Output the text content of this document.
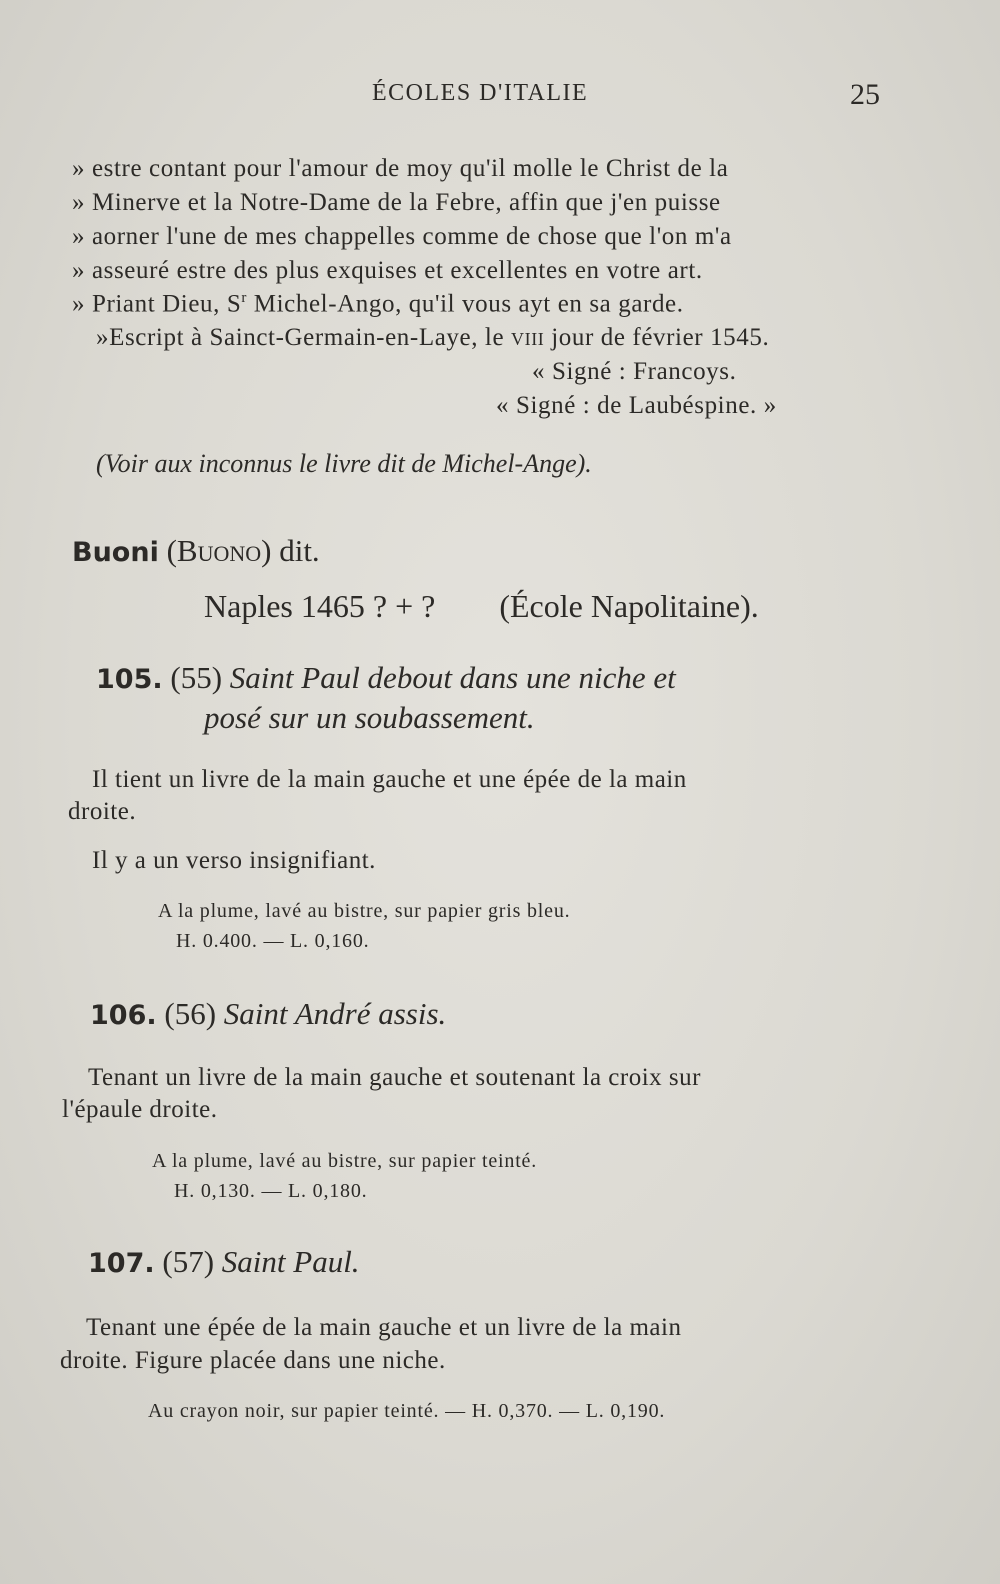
ÉCOLES D'ITALIE	25
» estre contant pour l'amour de moy qu'il molle le Christ de la
» Minerve et la Notre-Dame de la Febre, affin que j'en puisse
» aorner l'une de mes chappelles comme de chose que l'on m'a
» asseuré estre des plus exquises et excellentes en votre art.
» Priant Dieu, $S^r$ Michel-Ango, qu'il vous ayt en sa garde.
»Escript à Sainct-Germain-en-Laye, le viii jour de février 1545.
« Signé : Francoys.
« Signé : de Laubéspine. »
(Voir aux inconnus le livre dit de Michel-Ange).
Buoni (Buono) dit.
Naples 1465 ? + ? (École Napolitaine).
105. (55) Saint Paul debout dans une niche et
posé sur un soubassement.
Il tient un livre de la main gauche et une épée de la main
droite.
Il y a un verso insignifiant.
A la plume, lavé au bistre, sur papier gris bleu.
H. 0.400. — L. 0,160.
106. (56) Saint André assis.
Tenant un livre de la main gauche et soutenant la croix sur
l'épaule droite.
A la plume, lavé au bistre, sur papier teinté.
H. 0,130. — L. 0,180.
107. (57) Saint Paul.
Tenant une épée de la main gauche et un livre de la main
droite. Figure placée dans une niche.
Au crayon noir, sur papier teinté. — H. 0,370. — L. 0,190.
